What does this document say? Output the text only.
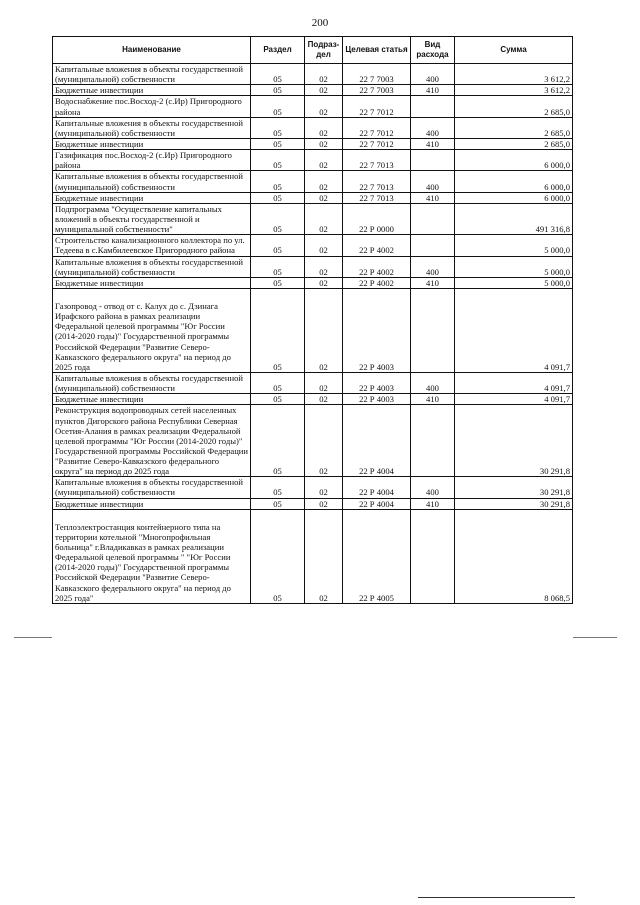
200
Наименование	Раздел	Подраз-дел	Целевая статья	Вид расхода	Сумма
Капитальные вложения в объекты государственной (муниципальной) собственности	05	02	22 7 7003	400	3 612,2
Бюджетные инвестиции	05	02	22 7 7003	410	3 612,2
Водоснабжение пос.Восход-2 (с.Ир) Пригородного района	05	02	22 7 7012		2 685,0
Капитальные вложения в объекты государственной (муниципальной) собственности	05	02	22 7 7012	400	2 685,0
Бюджетные инвестиции	05	02	22 7 7012	410	2 685,0
Газификация пос.Восход-2 (с.Ир) Пригородного района	05	02	22 7 7013		6 000,0
Капитальные вложения в объекты государственной (муниципальной) собственности	05	02	22 7 7013	400	6 000,0
Бюджетные инвестиции	05	02	22 7 7013	410	6 000,0
Подпрограмма "Осуществление капитальных вложений в объекты государственной и муниципальной собственности"	05	02	22 Р 0000		491 316,8
Строительство канализационного коллектора по ул. Тедеева в с.Камбилеевское Пригородного района	05	02	22 Р 4002		5 000,0
Капитальные вложения в объекты государственной (муниципальной) собственности	05	02	22 Р 4002	400	5 000,0
Бюджетные инвестиции	05	02	22 Р 4002	410	5 000,0
Газопровод - отвод от с. Калух до с. Дзинага Ирафского района в рамках реализации Федеральной целевой программы "Юг России (2014-2020 годы)" Государственной программы Российской Федерации "Развитие Северо-Кавказского федерального округа" на период до 2025 года	05	02	22 Р 4003		4 091,7
Капитальные вложения в объекты государственной (муниципальной) собственности	05	02	22 Р 4003	400	4 091,7
Бюджетные инвестиции	05	02	22 Р 4003	410	4 091,7
Реконструкция водопроводных сетей населенных пунктов Дигорского района Республики Северная Осетия-Алания в рамках реализации Федеральной целевой программы "Юг России (2014-2020 годы)" Государственной программы Российской Федерации "Развитие Северо-Кавказского федерального округа" на период до 2025 года	05	02	22 Р 4004		30 291,8
Капитальные вложения в объекты государственной (муниципальной) собственности	05	02	22 Р 4004	400	30 291,8
Бюджетные инвестиции	05	02	22 Р 4004	410	30 291,8
Теплоэлектростанция контейнерного типа на территории котельной "Многопрофильная больница" г.Владикавказ в рамках реализации Федеральной целевой программы " "Юг России (2014-2020 годы)" Государственной программы Российской Федерации "Развитие Северо-Кавказского федерального округа" на период до 2025 года"	05	02	22 Р 4005		8 068,5
